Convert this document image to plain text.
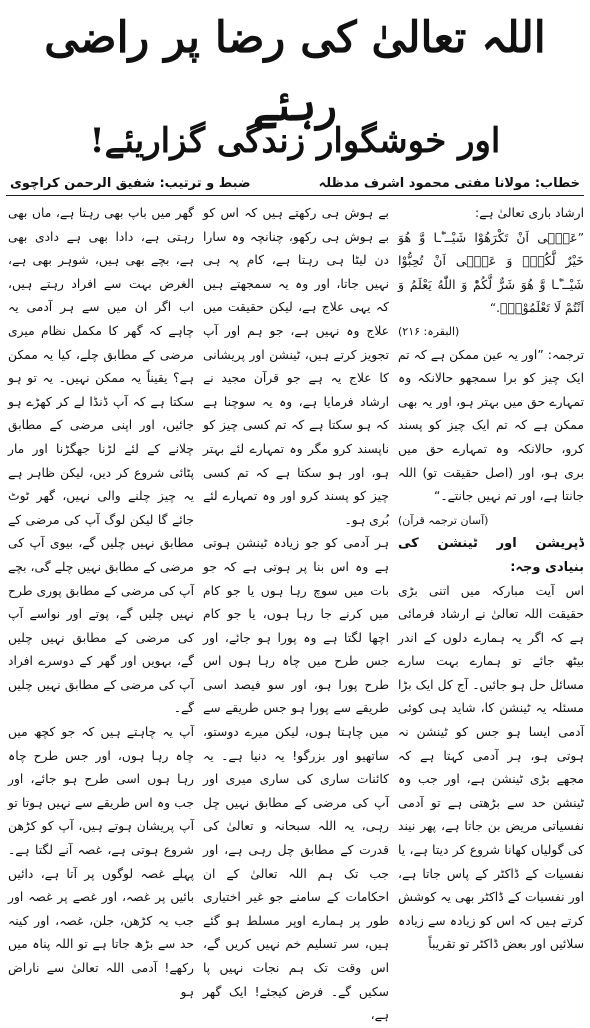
اللہ تعالیٰ کی رضا پر راضی رہئے
اور خوشگوار زندگی گزاریئے!
خطاب: مولانا مفتی محمود اشرف مدظلہ
ضبط و ترتیب: شفیق الرحمن کراچوی

ارشاد باری تعالیٰ ہے:

”عَسٰۤى اَنْ تَكْرَهُوْا شَیْــٴًـا وَّ هُوَ خَیْرٌ لَّكُمْۚ وَ عَسٰۤى اَنْ تُحِبُّوْا شَیْــٴًـا وَّ هُوَ شَرٌّ لَّكُمْؕ وَ اللّٰهُ یَعْلَمُ وَ اَنْتُمْ لَا تَعْلَمُوْنَ۠.“

(البقرہ: ۲۱۶)

ترجمہ: ”اور یہ عین ممکن ہے کہ تم ایک چیز کو برا سمجھو حالانکہ وہ تمہارے حق میں بہتر ہو، اور یہ بھی ممکن ہے کہ تم ایک چیز کو پسند کرو، حالانکہ وہ تمہارے حق میں بری ہو، اور (اصل حقیقت تو) اللہ جانتا ہے، اور تم نہیں جانتے۔“

(آسان ترجمہ قرآن)

ڈپریشن اور ٹینشن کی بنیادی وجہ:

اس آیت مبارکہ میں اتنی بڑی حقیقت اللہ تعالیٰ نے ارشاد فرمائی ہے کہ اگر یہ ہمارے دلوں کے اندر بیٹھ جائے تو ہمارے بہت سارے مسائل حل ہو جائیں۔ آج کل ایک بڑا مسئلہ یہ ٹینشن کا، شاید ہی کوئی آدمی ایسا ہو جس کو ٹینشن نہ ہوتی ہو، ہر آدمی کہتا ہے کہ مجھے بڑی ٹینشن ہے، اور جب وہ ٹینشن حد سے بڑھتی ہے تو آدمی نفسیاتی مریض بن جاتا ہے، پھر نیند کی گولیاں کھانا شروع کر دیتا ہے، یا نفسیات کے ڈاکٹر کے پاس جاتا ہے، اور نفسیات کے ڈاکٹر بھی یہ کوشش کرتے ہیں کہ اس کو زیادہ سے زیادہ سلائیں اور بعض ڈاکٹر تو تقریباً

بے ہوش ہی رکھتے ہیں کہ اس کو بے ہوش ہی رکھو، چنانچہ وہ سارا دن لیٹا ہی رہتا ہے، کام پہ ہی نہیں جاتا، اور وہ یہ سمجھتے ہیں کہ یہی علاج ہے، لیکن حقیقت میں علاج وہ نہیں ہے، جو ہم اور آپ تجویز کرتے ہیں، ٹینشن اور پریشانی کا علاج یہ ہے جو قرآن مجید نے ارشاد فرمایا ہے، وہ یہ سوچنا ہے کہ ہو سکتا ہے کہ تم کسی چیز کو ناپسند کرو مگر وہ تمہارے لئے بہتر ہو، اور ہو سکتا ہے کہ تم کسی چیز کو پسند کرو اور وہ تمہارے لئے بُری ہو۔

ہر آدمی کو جو زیادہ ٹینشن ہوتی ہے وہ اس بنا پر ہوتی ہے کہ جو بات میں سوچ رہا ہوں یا جو کام میں کرنے جا رہا ہوں، یا جو کام اچھا لگتا ہے وہ پورا ہو جائے، اور جس طرح میں چاہ رہا ہوں اس طرح پورا ہو، اور سو فیصد اسی طریقے سے پورا ہو جس طریقے سے میں چاہتا ہوں، لیکن میرے دوستو، ساتھیو اور بزرگو! یہ دنیا ہے۔ یہ کائنات ساری کی ساری میری اور آپ کی مرضی کے مطابق نہیں چل رہی، یہ اللہ سبحانہ و تعالیٰ کی قدرت کے مطابق چل رہی ہے، اور جب تک ہم اللہ تعالیٰ کے ان احکامات کے سامنے جو غیر اختیاری طور پر ہمارے اوپر مسلط ہو گئے ہیں، سر تسلیم خم نہیں کریں گے، اس وقت تک ہم نجات نہیں پا سکیں گے۔ فرض کیجئے! ایک گھر ہے،

گھر میں باپ بھی رہتا ہے، ماں بھی رہتی ہے، دادا بھی ہے دادی بھی ہے، بچے بھی ہیں، شوہر بھی ہے، الغرض بہت سے افراد رہتے ہیں، اب اگر ان میں سے ہر آدمی یہ چاہے کہ گھر کا مکمل نظام میری مرضی کے مطابق چلے، کیا یہ ممکن ہے؟ یقیناً یہ ممکن نہیں۔ یہ تو ہو سکتا ہے کہ آپ ڈنڈا لے کر کھڑے ہو جائیں، اور اپنی مرضی کے مطابق چلانے کے لئے لڑنا جھگڑنا اور مار پٹائی شروع کر دیں، لیکن ظاہر ہے یہ چیز چلنے والی نہیں، گھر ٹوٹ جائے گا لیکن لوگ آپ کی مرضی کے مطابق نہیں چلیں گے، بیوی آپ کی مرضی کے مطابق نہیں چلے گی، بچے آپ کی مرضی کے مطابق پوری طرح نہیں چلیں گے، پوتے اور نواسے آپ کی مرضی کے مطابق نہیں چلیں گے، بہویں اور گھر کے دوسرے افراد آپ کی مرضی کے مطابق نہیں چلیں گے۔

آپ یہ چاہتے ہیں کہ جو کچھ میں چاہ رہا ہوں، اور جس طرح چاہ رہا ہوں اسی طرح ہو جائے، اور جب وہ اس طریقے سے نہیں ہوتا تو آپ پریشان ہوتے ہیں، آپ کو کڑھن شروع ہوتی ہے، غصہ آنے لگتا ہے۔ پہلے غصہ لوگوں پر آتا ہے، دائیں بائیں پر غصہ، اور غصے پر غصہ اور جب یہ کڑھن، جلن، غصہ، اور کینہ حد سے بڑھ جاتا ہے تو اللہ پناہ میں رکھے! آدمی اللہ تعالیٰ سے ناراض ہو
